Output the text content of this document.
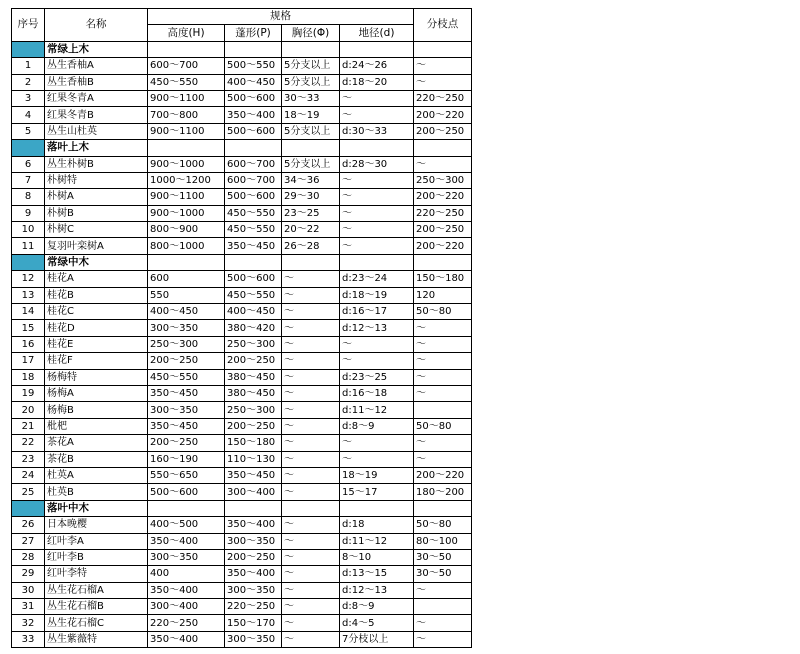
序号	名称	规格				分枝点
		高度(H)	蓬形(P)	胸径(Φ)	地径(d)	
	常绿上木					
1	丛生香柚A	600～700	500～550	5分支以上	d:24～26	～
2	丛生香柚B	450～550	400～450	5分支以上	d:18～20	～
3	红果冬青A	900～1100	500～600	30～33	～	220～250
4	红果冬青B	700～800	350～400	18～19	～	200～220
5	丛生山杜英	900～1100	500～600	5分支以上	d:30～33	200～250
	落叶上木					
6	丛生朴树B	900～1000	600～700	5分支以上	d:28～30	～
7	朴树特	1000～1200	600～700	34～36	～	250～300
8	朴树A	900～1100	500～600	29～30	～	200～220
9	朴树B	900～1000	450～550	23～25	～	220～250
10	朴树C	800～900	450～550	20～22	～	200～250
11	复羽叶栾树A	800～1000	350～450	26～28	～	200～220
	常绿中木					
12	桂花A	600	500～600	～	d:23～24	150～180
13	桂花B	550	450～550	～	d:18～19	120
14	桂花C	400～450	400～450	～	d:16～17	50～80
15	桂花D	300～350	380～420	～	d:12～13	～
16	桂花E	250～300	250～300	～	～	～
17	桂花F	200～250	200～250	～	～	～
18	杨梅特	450～550	380～450	～	d:23～25	～
19	杨梅A	350～450	380～450	～	d:16～18	～
20	杨梅B	300～350	250～300	～	d:11～12	
21	枇杷	350～450	200～250	～	d:8～9	50～80
22	茶花A	200～250	150～180	～	～	～
23	茶花B	160～190	110～130	～	～	～
24	杜英A	550～650	350～450	～	18～19	200～220
25	杜英B	500～600	300～400	～	15～17	180～200
	落叶中木					
26	日本晚樱	400～500	350～400	～	d:18	50～80
27	红叶李A	350～400	300～350	～	d:11～12	80～100
28	红叶李B	300～350	200～250	～	8～10	30～50
29	红叶李特	400	350～400	～	d:13～15	30～50
30	丛生花石榴A	350～400	300～350	～	d:12～13	～
31	丛生花石榴B	300～400	220～250	～	d:8～9	
32	丛生花石榴C	220～250	150～170	～	d:4～5	～
33	丛生紫薇特	350～400	300～350	～	7分枝以上	～
